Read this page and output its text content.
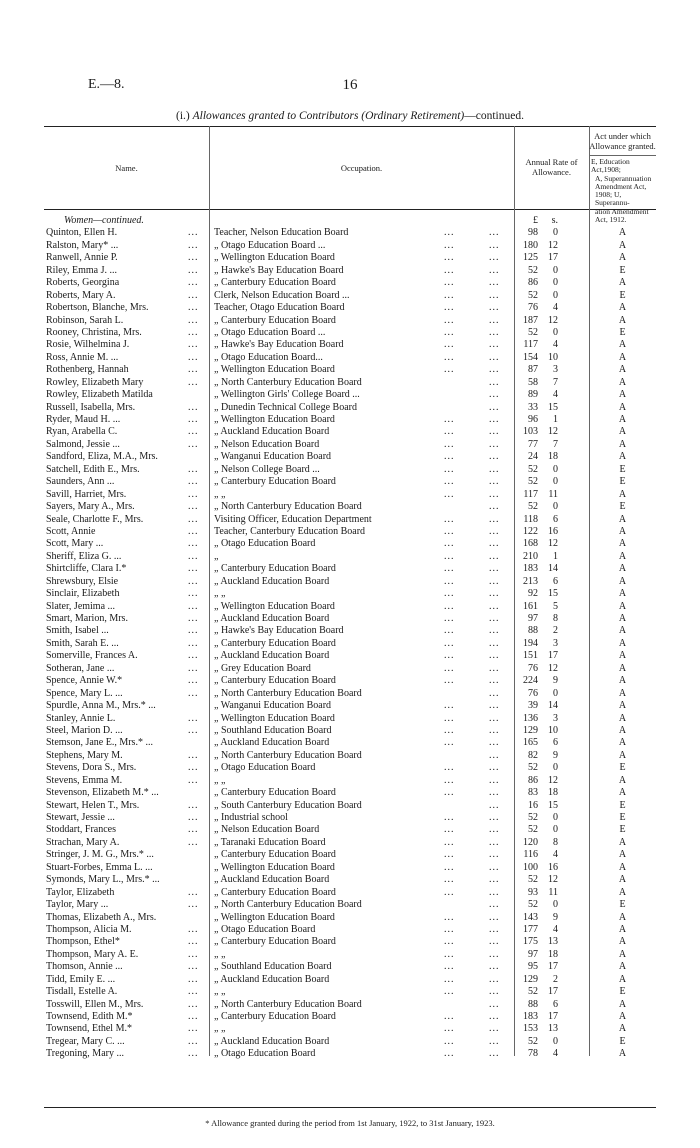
E.—8.	16
(i.) Allowances granted to Contributors (Ordinary Retirement)—continued.
Name.	Occupation.
Annual Rate of
Allowance.
Act under which
Allowance granted.
E, Education Act,1908;
A, Superannuation
Amendment Act,
1908; U, Superannu-
ation Amendment
Act, 1912.
Women—continued.	£	s.
Quinton, Ellen H.	... Teacher, Nelson Education Board	...	...	98	0	A
Ralston, Mary* ...	... „ Otago Education Board ...	...	...	180	12	A
Ranwell, Annie P.	... „ Wellington Education Board	...	...	125	17	A
Riley, Emma J. ...	... „ Hawke's Bay Education Board	...	...	52	0	E
Roberts, Georgina	... „ Canterbury Education Board	...	...	86	0	A
Roberts, Mary A.	... Clerk, Nelson Education Board ...	...	...	52	0	E
Robertson, Blanche, Mrs.	... Teacher, Otago Education Board	...	...	76	4	A
Robinson, Sarah L.	... „ Canterbury Education Board	...	...	187	12	A
Rooney, Christina, Mrs.	... „ Otago Education Board ...	...	...	52	0	E
Rosie, Wilhelmina J.	... „ Hawke's Bay Education Board	...	...	117	4	A
Ross, Annie M. ...	... „ Otago Education Board...	...	...	154	10	A
Rothenberg, Hannah	... „ Wellington Education Board	...	...	87	3	A
Rowley, Elizabeth Mary	... „ North Canterbury Education Board	...	58	7	A
Rowley, Elizabeth Matilda	„ Wellington Girls' College Board ...	...	89	4	A
Russell, Isabella, Mrs.	... „ Dunedin Technical College Board	...	33	15	A
Ryder, Maud H. ...	... „ Wellington Education Board	...	...	96	1	A
Ryan, Arabella C.	... „ Auckland Education Board	...	...	103	12	A
Salmond, Jessie ...	... „ Nelson Education Board	...	...	77	7	A
Sandford, Eliza, M.A., Mrs.	„ Wanganui Education Board	...	...	24	18	A
Satchell, Edith E., Mrs.	... „ Nelson College Board ...	...	...	52	0	E
Saunders, Ann ...	... „ Canterbury Education Board	...	...	52	0	E
Savill, Harriet, Mrs.	... „ „	...	...	117	11	A
Sayers, Mary A., Mrs.	... „ North Canterbury Education Board	...	52	0	E
Seale, Charlotte F., Mrs.	... Visiting Officer, Education Department	...	...	118	6	A
Scott, Annie	... Teacher, Canterbury Education Board	...	...	122	16	A
Scott, Mary ...	... „ Otago Education Board	...	...	168	12	A
Sheriff, Eliza G. ...	... „	...	...	210	1	A
Shirtcliffe, Clara I.*	... „ Canterbury Education Board	...	...	183	14	A
Shrewsbury, Elsie	... „ Auckland Education Board	...	...	213	6	A
Sinclair, Elizabeth	... „ „	...	...	92	15	A
Slater, Jemima ...	... „ Wellington Education Board	...	...	161	5	A
Smart, Marion, Mrs.	... „ Auckland Education Board	...	...	97	8	A
Smith, Isabel ...	... „ Hawke's Bay Education Board	...	...	88	2	A
Smith, Sarah E. ...	... „ Canterbury Education Board	...	...	194	3	A
Somerville, Frances A.	... „ Auckland Education Board	...	...	151	17	A
Sotheran, Jane ...	... „ Grey Education Board	...	...	76	12	A
Spence, Annie W.*	... „ Canterbury Education Board	...	...	224	9	A
Spence, Mary L. ...	... „ North Canterbury Education Board	...	76	0	A
Spurdle, Anna M., Mrs.* ...	„ Wanganui Education Board	...	...	39	14	A
Stanley, Annie L.	... „ Wellington Education Board	...	...	136	3	A
Steel, Marion D. ...	... „ Southland Education Board	...	...	129	10	A
Stemson, Jane E., Mrs.* ...	„ Auckland Education Board	...	...	165	6	A
Stephens, Mary M.	... „ North Canterbury Education Board	...	82	9	A
Stevens, Dora S., Mrs.	... „ Otago Education Board	...	...	52	0	E
Stevens, Emma M.	... „ „	...	...	86	12	A
Stevenson, Elizabeth M.* ...	„ Canterbury Education Board	...	...	83	18	A
Stewart, Helen T., Mrs.	... „ South Canterbury Education Board	...	16	15	E
Stewart, Jessie ...	... „ Industrial school	...	...	52	0	E
Stoddart, Frances	... „ Nelson Education Board	...	...	52	0	E
Strachan, Mary A.	... „ Taranaki Education Board	...	...	120	8	A
Stringer, J. M. G., Mrs.* ...	„ Canterbury Education Board	...	...	116	4	A
Stuart-Forbes, Emma L. ...	„ Wellington Education Board	...	...	100	16	A
Symonds, Mary L., Mrs.* ...	„ Auckland Education Board	...	...	52	12	A
Taylor, Elizabeth	... „ Canterbury Education Board	...	...	93	11	A
Taylor, Mary ...	... „ North Canterbury Education Board	...	52	0	E
Thomas, Elizabeth A., Mrs.	„ Wellington Education Board	...	...	143	9	A
Thompson, Alicia M.	... „ Otago Education Board	...	...	177	4	A
Thompson, Ethel*	... „ Canterbury Education Board	...	...	175	13	A
Thompson, Mary A. E.	... „ „	...	...	97	18	A
Thomson, Annie ...	... „ Southland Education Board	...	...	95	17	A
Tidd, Emily E. ...	... „ Auckland Education Board	...	...	129	2	A
Tisdall, Estelle A.	... „ „	...	...	52	17	E
Tosswill, Ellen M., Mrs.	... „ North Canterbury Education Board	...	88	6	A
Townsend, Edith M.*	... „ Canterbury Education Board	...	...	183	17	A
Townsend, Ethel M.*	... „ „	...	...	153	13	A
Tregear, Mary C. ...	... „ Auckland Education Board	...	...	52	0	E
Tregoning, Mary ...	... „ Otago Education Board	...	...	78	4	A
* Allowance granted during the period from 1st January, 1922, to 31st January, 1923.
